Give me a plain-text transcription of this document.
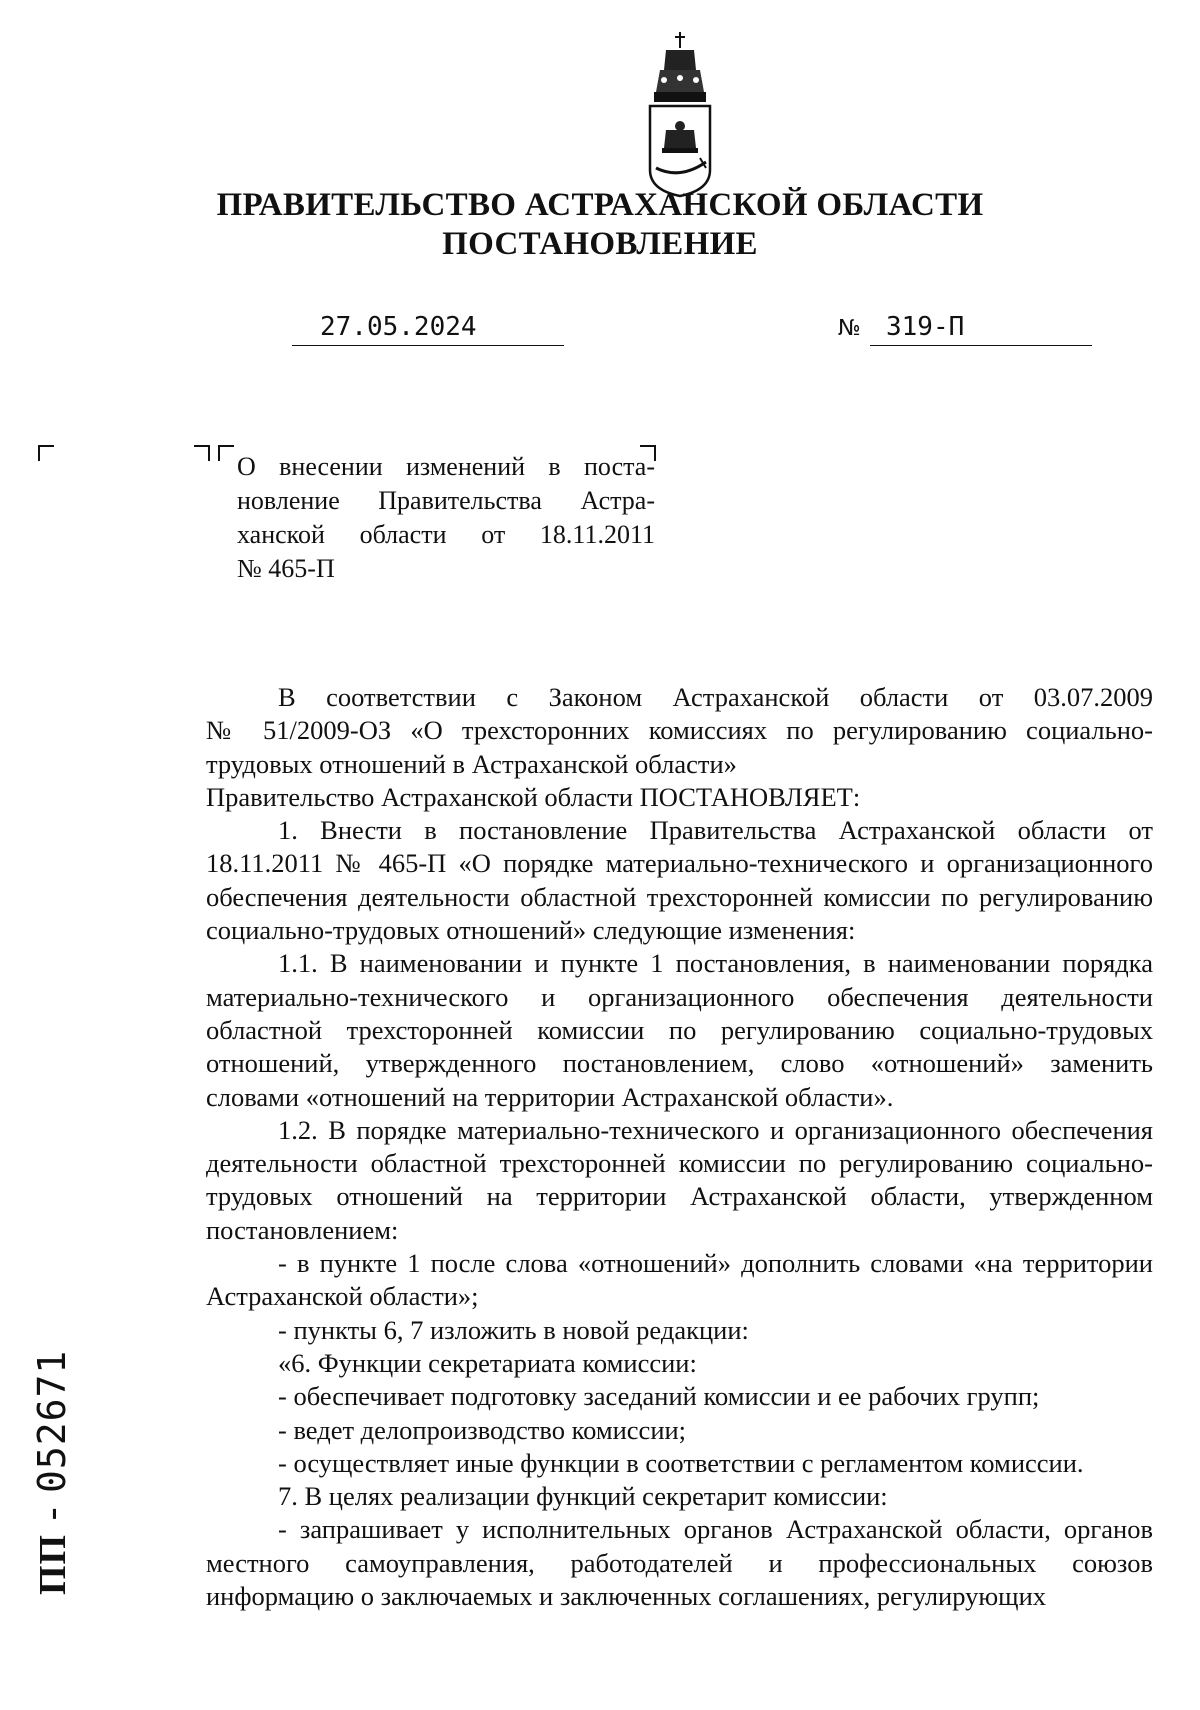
ПРАВИТЕЛЬСТВО АСТРАХАНСКОЙ ОБЛАСТИ
ПОСТАНОВЛЕНИЕ
27.05.2024	№ 319-П
О внесении изменений в поста-
новление Правительства Астра-
ханской области от 18.11.2011
№ 465-П

В соответствии с Законом Астраханской области от 03.07.2009

№ 51/2009-ОЗ «О трехсторонних комиссиях по регулированию социально-трудовых отношений в Астраханской области»

Правительство Астраханской области ПОСТАНОВЛЯЕТ:

1. Внести в постановление Правительства Астраханской области от 18.11.2011 № 465-П «О порядке материально-технического и организационного обеспечения деятельности областной трехсторонней комиссии по регулированию социально-трудовых отношений» следующие изменения:

1.1. В наименовании и пункте 1 постановления, в наименовании порядка материально-технического и организационного обеспечения деятельности областной трехсторонней комиссии по регулированию социально-трудовых отношений, утвержденного постановлением, слово «отношений» заменить словами «отношений на территории Астраханской области».

1.2. В порядке материально-технического и организационного обеспечения деятельности областной трехсторонней комиссии по регулированию социально-трудовых отношений на территории Астраханской области, утвержденном постановлением:

- в пункте 1 после слова «отношений» дополнить словами «на территории Астраханской области»;

- пункты 6, 7 изложить в новой редакции:

«6. Функции секретариата комиссии:

- обеспечивает подготовку заседаний комиссии и ее рабочих групп;

- ведет делопроизводство комиссии;

- осуществляет иные функции в соответствии с регламентом комиссии.

7. В целях реализации функций секретарит комиссии:

- запрашивает у исполнительных органов Астраханской области, органов местного самоуправления, работодателей и профессиональных союзов информацию о заключаемых и заключенных соглашениях, регулирующих

ПП - 052671
